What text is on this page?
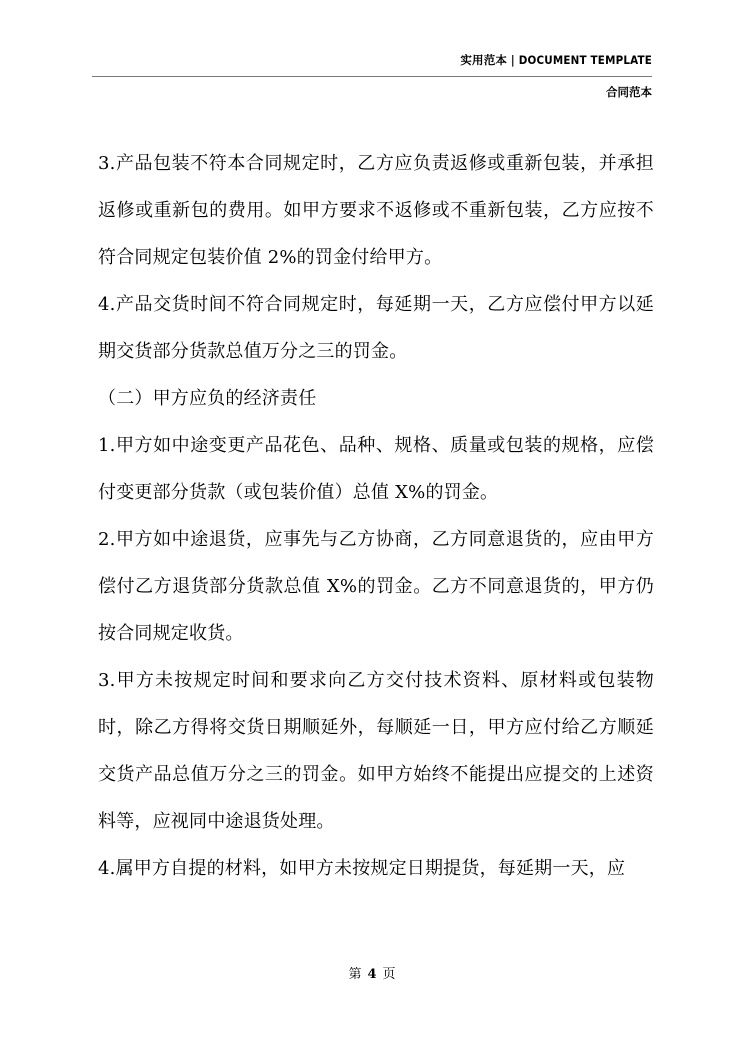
实用范本 | DOCUMENT TEMPLATE
合同范本

3.产品包装不符本合同规定时，乙方应负责返修或重新包装，并承担返修或重新包的费用。如甲方要求不返修或不重新包装，乙方应按不符合同规定包装价值 2%的罚金付给甲方。

4.产品交货时间不符合同规定时，每延期一天，乙方应偿付甲方以延期交货部分货款总值万分之三的罚金。

（二）甲方应负的经济责任

1.甲方如中途变更产品花色、品种、规格、质量或包装的规格，应偿付变更部分货款（或包装价值）总值 X%的罚金。

2.甲方如中途退货，应事先与乙方协商，乙方同意退货的，应由甲方偿付乙方退货部分货款总值 X%的罚金。乙方不同意退货的，甲方仍按合同规定收货。

3.甲方未按规定时间和要求向乙方交付技术资料、原材料或包装物时，除乙方得将交货日期顺延外，每顺延一日，甲方应付给乙方顺延交货产品总值万分之三的罚金。如甲方始终不能提出应提交的上述资料等，应视同中途退货处理。

4.属甲方自提的材料，如甲方未按规定日期提货，每延期一天，应

第 4 页
